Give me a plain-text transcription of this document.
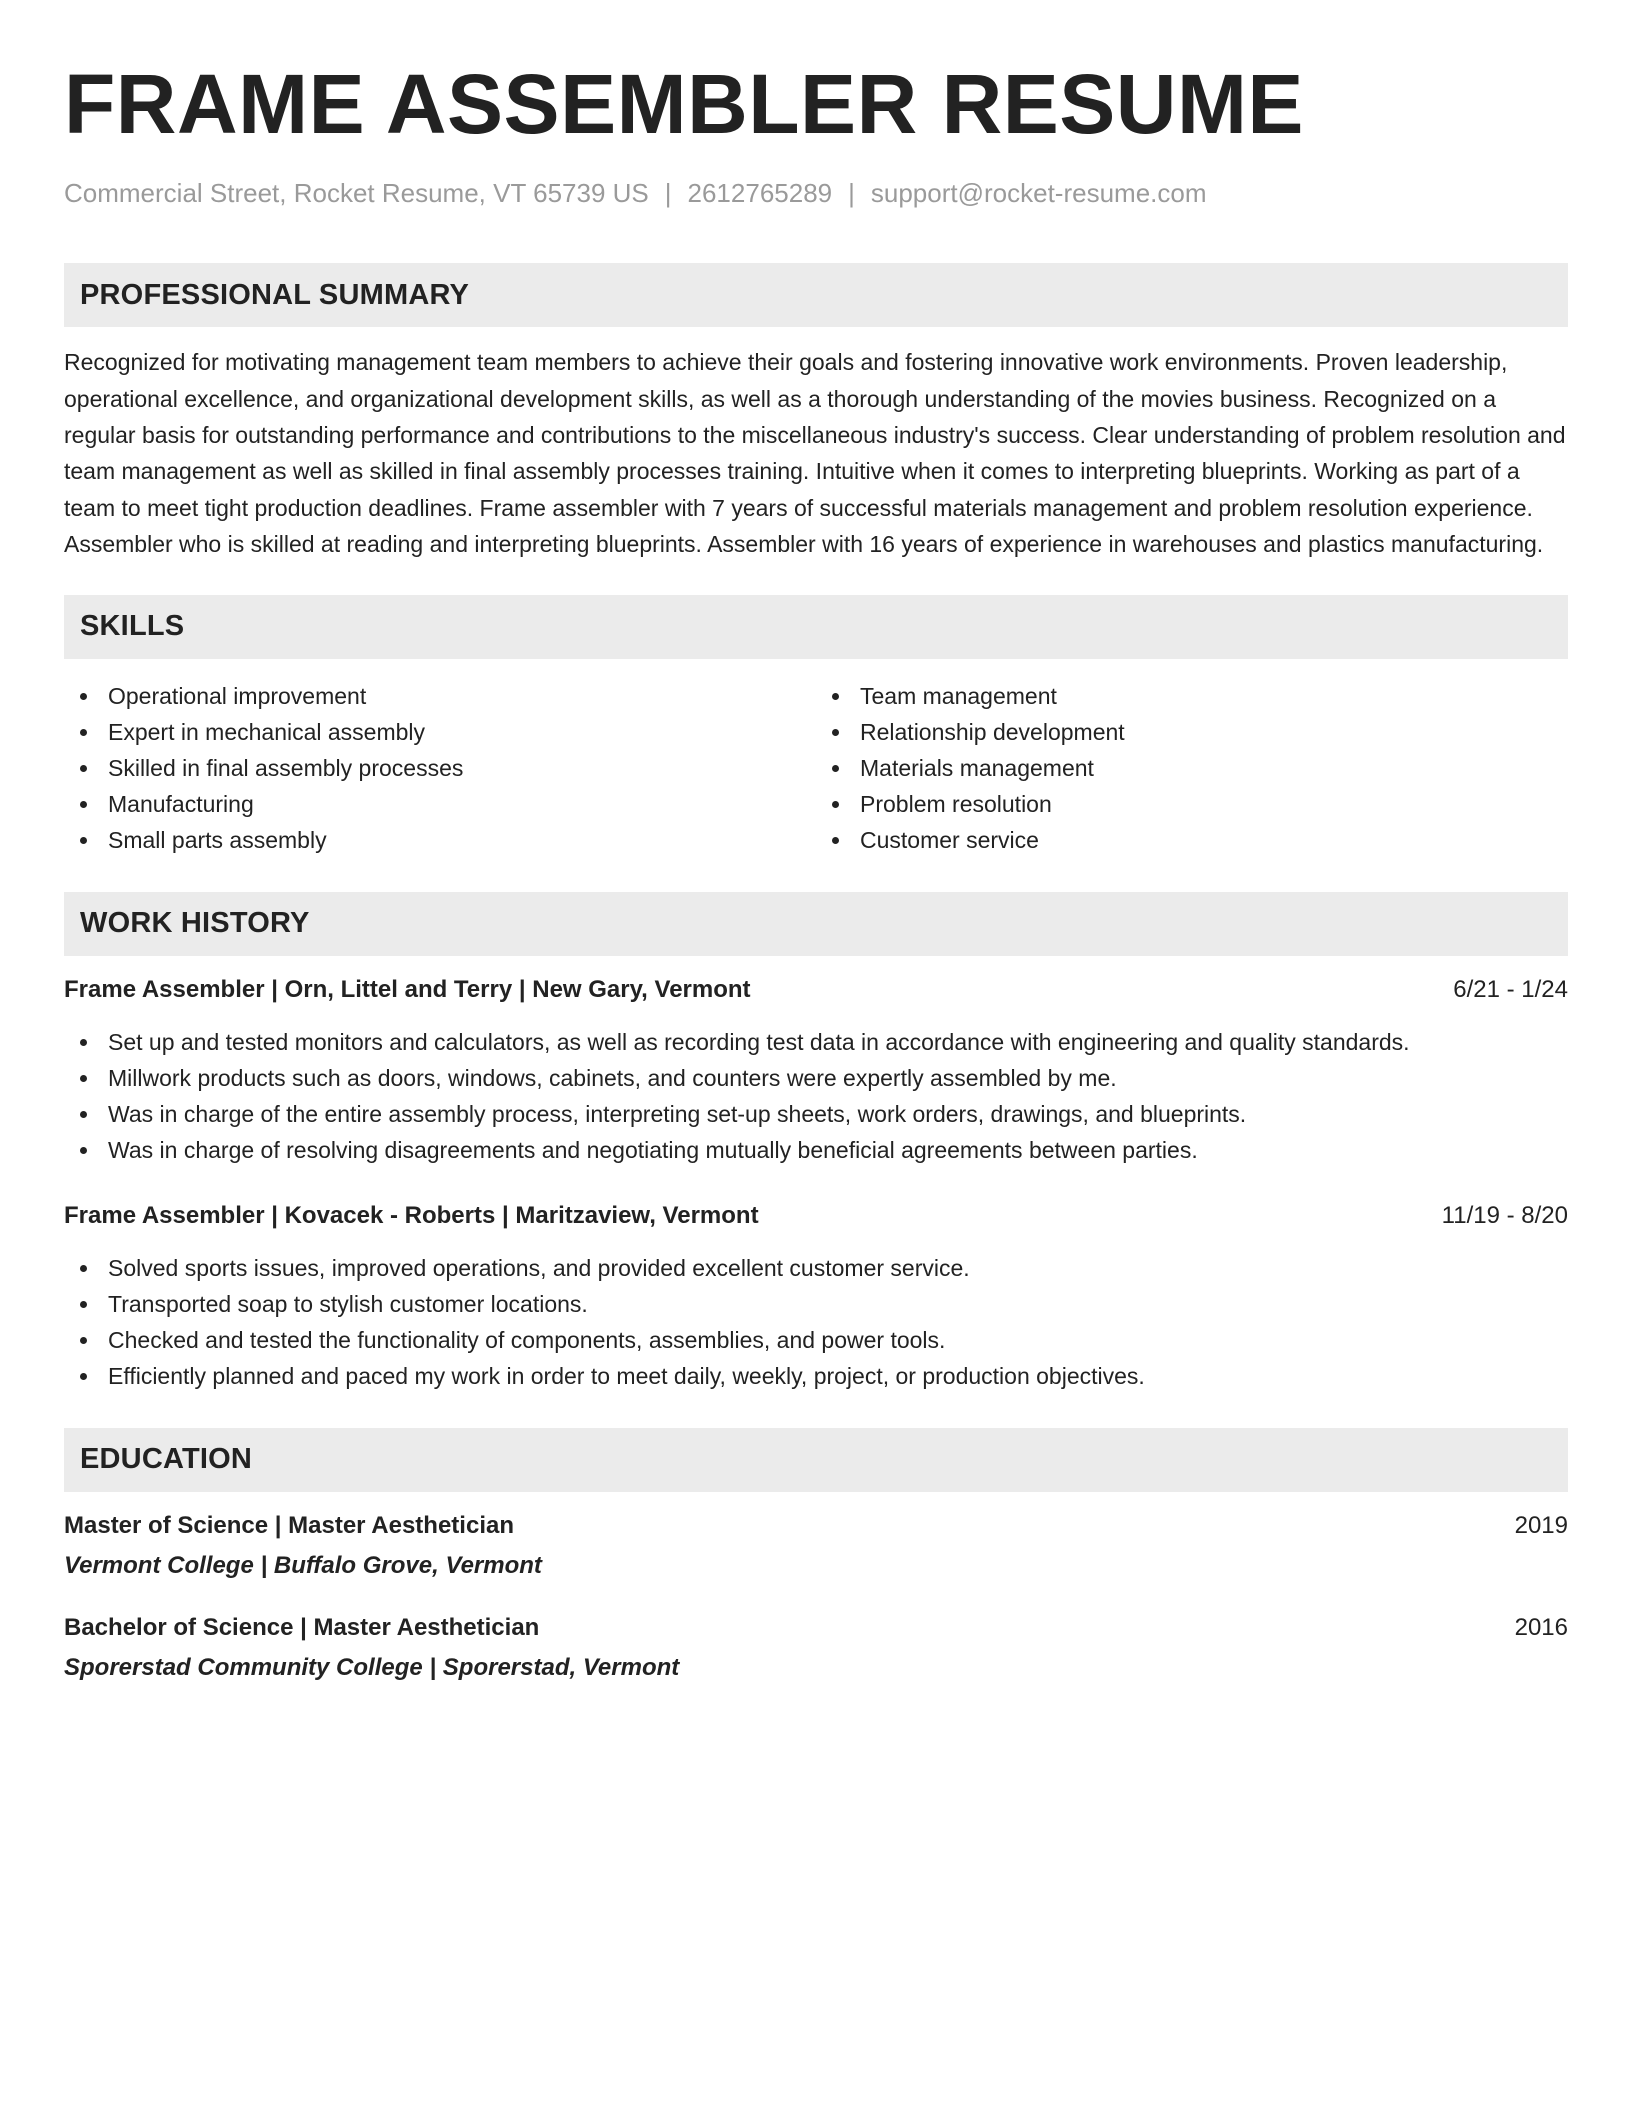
FRAME ASSEMBLER RESUME
Commercial Street, Rocket Resume, VT 65739 US | 2612765289 | support@rocket-resume.com
PROFESSIONAL SUMMARY

Recognized for motivating management team members to achieve their goals and fostering innovative work environments. Proven leadership, operational excellence, and organizational development skills, as well as a thorough understanding of the movies business. Recognized on a regular basis for outstanding performance and contributions to the miscellaneous industry's success. Clear understanding of problem resolution and team management as well as skilled in final assembly processes training. Intuitive when it comes to interpreting blueprints. Working as part of a team to meet tight production deadlines. Frame assembler with 7 years of successful materials management and problem resolution experience. Assembler who is skilled at reading and interpreting blueprints. Assembler with 16 years of experience in warehouses and plastics manufacturing.

SKILLS
Operational improvement
Expert in mechanical assembly
Skilled in final assembly processes
Manufacturing
Small parts assembly
Team management
Relationship development
Materials management
Problem resolution
Customer service
WORK HISTORY
Frame Assembler | Orn, Littel and Terry | New Gary, Vermont	6/21 - 1/24
Set up and tested monitors and calculators, as well as recording test data in accordance with engineering and quality standards.
Millwork products such as doors, windows, cabinets, and counters were expertly assembled by me.
Was in charge of the entire assembly process, interpreting set-up sheets, work orders, drawings, and blueprints.
Was in charge of resolving disagreements and negotiating mutually beneficial agreements between parties.
Frame Assembler | Kovacek - Roberts | Maritzaview, Vermont	11/19 - 8/20
Solved sports issues, improved operations, and provided excellent customer service.
Transported soap to stylish customer locations.
Checked and tested the functionality of components, assemblies, and power tools.
Efficiently planned and paced my work in order to meet daily, weekly, project, or production objectives.
EDUCATION
Master of Science | Master Aesthetician	2019
Vermont College | Buffalo Grove, Vermont
Bachelor of Science | Master Aesthetician	2016
Sporerstad Community College | Sporerstad, Vermont
